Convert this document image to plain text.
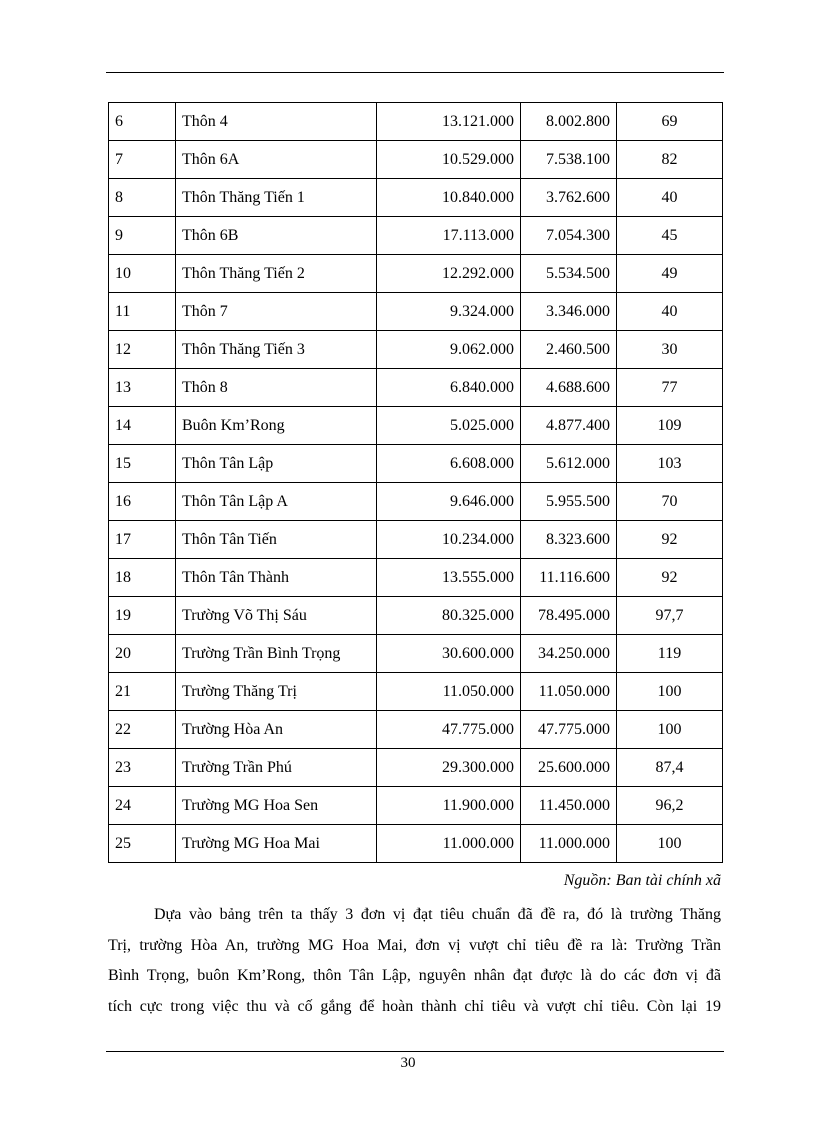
6	Thôn 4	13.121.000	8.002.800	69
7	Thôn 6A	10.529.000	7.538.100	82
8	Thôn Thăng Tiến 1	10.840.000	3.762.600	40
9	Thôn 6B	17.113.000	7.054.300	45
10	Thôn Thăng Tiến 2	12.292.000	5.534.500	49
11	Thôn 7	9.324.000	3.346.000	40
12	Thôn Thăng Tiến 3	9.062.000	2.460.500	30
13	Thôn 8	6.840.000	4.688.600	77
14	Buôn Km’Rong	5.025.000	4.877.400	109
15	Thôn Tân Lập	6.608.000	5.612.000	103
16	Thôn Tân Lập A	9.646.000	5.955.500	70
17	Thôn Tân Tiến	10.234.000	8.323.600	92
18	Thôn Tân Thành	13.555.000	11.116.600	92
19	Trường Võ Thị Sáu	80.325.000	78.495.000	97,7
20	Trường Trần Bình Trọng	30.600.000	34.250.000	119
21	Trường Thăng Trị	11.050.000	11.050.000	100
22	Trường Hòa An	47.775.000	47.775.000	100
23	Trường Trần Phú	29.300.000	25.600.000	87,4
24	Trường MG Hoa Sen	11.900.000	11.450.000	96,2
25	Trường MG Hoa Mai	11.000.000	11.000.000	100
Nguồn: Ban tài chính xã
Dựa vào bảng trên ta thấy 3 đơn vị đạt tiêu chuẩn đã đề ra, đó là trường Thăng
Trị, trường Hòa An, trường MG Hoa Mai, đơn vị vượt chỉ tiêu đề ra là: Trường Trần
Bình Trọng, buôn Km’Rong, thôn Tân Lập, nguyên nhân đạt được là do các đơn vị đã
tích cực trong việc thu và cố gắng để hoàn thành chỉ tiêu và vượt chỉ tiêu. Còn lại 19
30
